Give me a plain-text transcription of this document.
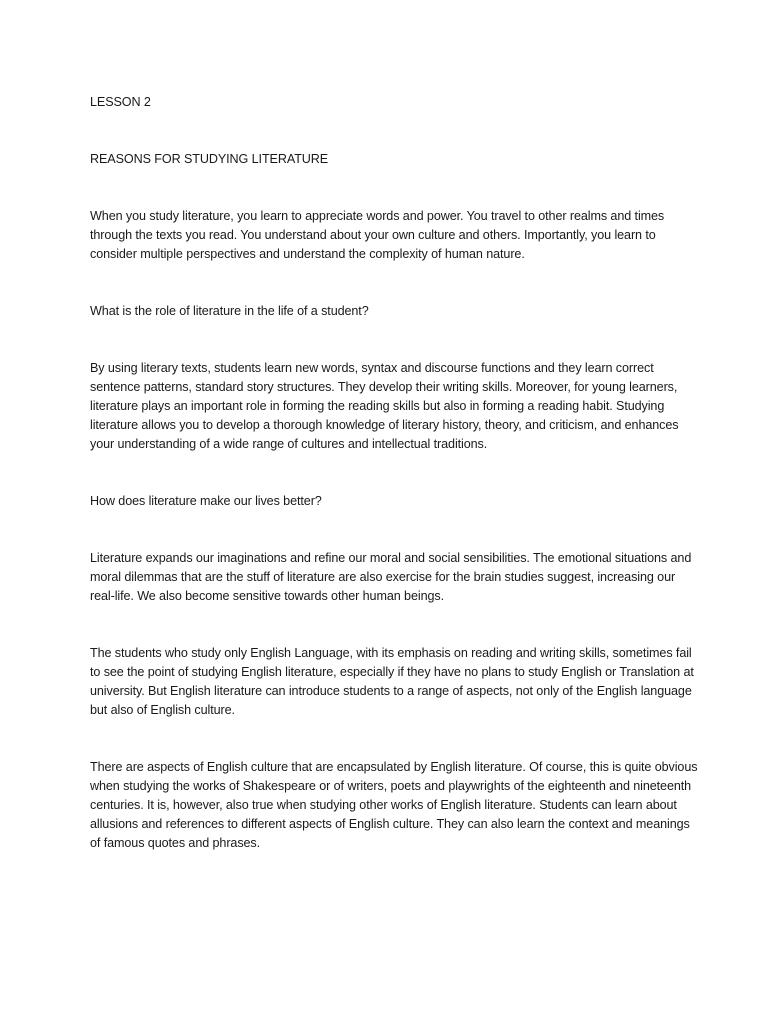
LESSON 2

REASONS FOR STUDYING LITERATURE

When you study literature, you learn to appreciate words and power. You travel to other realms and times through the texts you read. You understand about your own culture and others. Importantly, you learn to consider multiple perspectives and understand the complexity of human nature.

What is the role of literature in the life of a student?

By using literary texts, students learn new words, syntax and discourse functions and they learn correct sentence patterns, standard story structures. They develop their writing skills. Moreover, for young learners, literature plays an important role in forming the reading skills but also in forming a reading habit. Studying literature allows you to develop a thorough knowledge of literary history, theory, and criticism, and enhances your understanding of a wide range of cultures and intellectual traditions.

How does literature make our lives better?

Literature expands our imaginations and refine our moral and social sensibilities. The emotional situations and moral dilemmas that are the stuff of literature are also exercise for the brain studies suggest, increasing our real-life. We also become sensitive towards other human beings.

The students who study only English Language, with its emphasis on reading and writing skills, sometimes fail to see the point of studying English literature, especially if they have no plans to study English or Translation at university. But English literature can introduce students to a range of aspects, not only of the English language but also of English culture.

There are aspects of English culture that are encapsulated by English literature. Of course, this is quite obvious when studying the works of Shakespeare or of writers, poets and playwrights of the eighteenth and nineteenth centuries. It is, however, also true when studying other works of English literature. Students can learn about allusions and references to different aspects of English culture. They can also learn the context and meanings of famous quotes and phrases.
